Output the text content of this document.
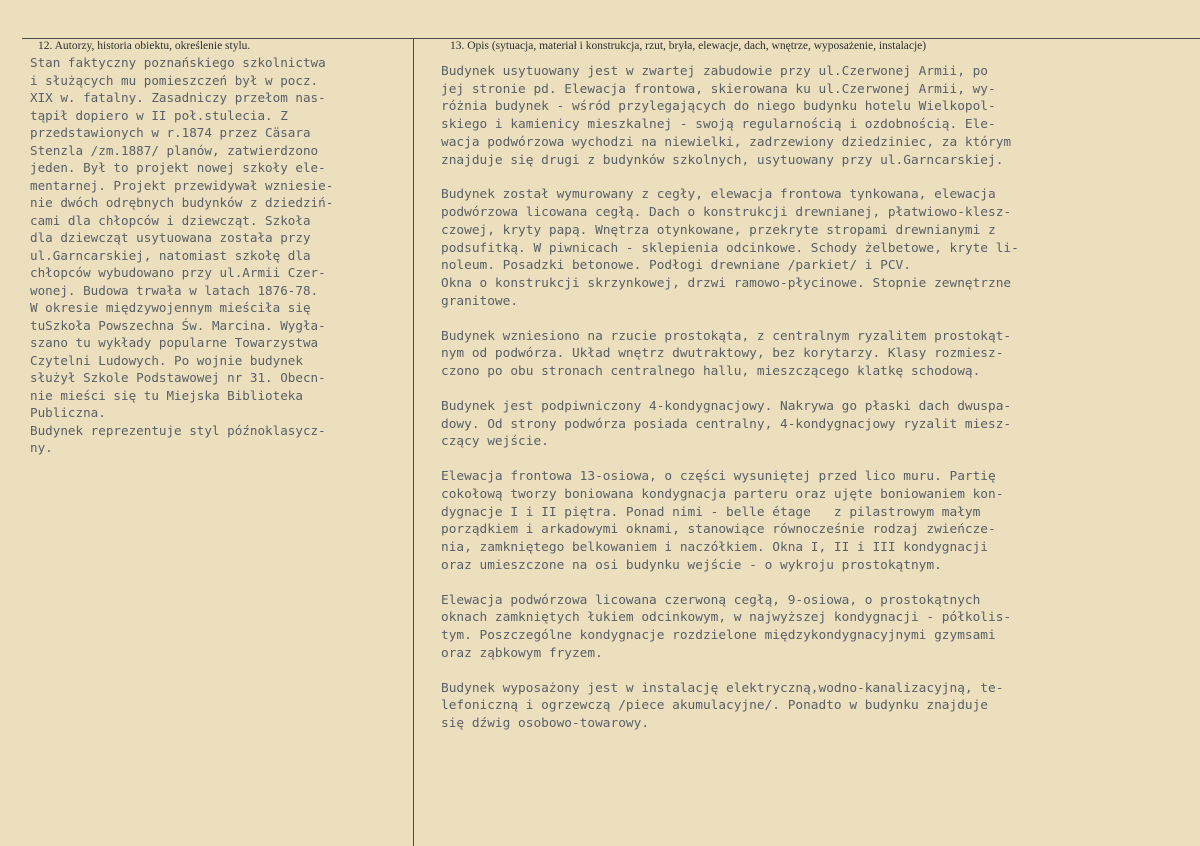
12. Autorzy, historia obiektu, określenie stylu.	13. Opis (sytuacja, materiał i konstrukcja, rzut, bryła, elewacje, dach, wnętrze, wyposażenie, instalacje)
Stan faktyczny poznańskiego szkolnictwa
i służących mu pomieszczeń był w pocz.
XIX w. fatalny. Zasadniczy przełom nas-
tąpił dopiero w II poł.stulecia. Z
przedstawionych w r.1874 przez Cäsara
Stenzla /zm.1887/ planów, zatwierdzono
jeden. Był to projekt nowej szkoły ele-
mentarnej. Projekt przewidywał wzniesie-
nie dwóch odrębnych budynków z dziedziń-
cami dla chłopców i dziewcząt. Szkoła
dla dziewcząt usytuowana została przy
ul.Garncarskiej, natomiast szkołę dla
chłopców wybudowano przy ul.Armii Czer-
wonej. Budowa trwała w latach 1876-78.
W okresie międzywojennym mieściła się
tuSzkoła Powszechna Św. Marcina. Wygła-
szano tu wykłady popularne Towarzystwa
Czytelni Ludowych. Po wojnie budynek
służył Szkole Podstawowej nr 31. Obecn-
nie mieści się tu Miejska Biblioteka
Publiczna.
Budynek reprezentuje styl późnoklasycz-
ny.
Budynek usytuowany jest w zwartej zabudowie przy ul.Czerwonej Armii, po
jej stronie pd. Elewacja frontowa, skierowana ku ul.Czerwonej Armii, wy-
różnia budynek - wśród przylegających do niego budynku hotelu Wielkopol-
skiego i kamienicy mieszkalnej - swoją regularnością i ozdobnością. Ele-
wacja podwórzowa wychodzi na niewielki, zadrzewiony dziedziniec, za którym
znajduje się drugi z budynków szkolnych, usytuowany przy ul.Garncarskiej.
Budynek został wymurowany z cegły, elewacja frontowa tynkowana, elewacja
podwórzowa licowana cegłą. Dach o konstrukcji drewnianej, płatwiowo-klesz-
czowej, kryty papą. Wnętrza otynkowane, przekryte stropami drewnianymi z
podsufitką. W piwnicach - sklepienia odcinkowe. Schody żelbetowe, kryte li-
noleum. Posadzki betonowe. Podłogi drewniane /parkiet/ i PCV.
Okna o konstrukcji skrzynkowej, drzwi ramowo-płycinowe. Stopnie zewnętrzne
granitowe.
Budynek wzniesiono na rzucie prostokąta, z centralnym ryzalitem prostokąt-
nym od podwórza. Układ wnętrz dwutraktowy, bez korytarzy. Klasy rozmiesz-
czono po obu stronach centralnego hallu, mieszczącego klatkę schodową.
Budynek jest podpiwniczony 4-kondygnacjowy. Nakrywa go płaski dach dwuspa-
dowy. Od strony podwórza posiada centralny, 4-kondygnacjowy ryzalit miesz-
czący wejście.
Elewacja frontowa 13-osiowa, o części wysuniętej przed lico muru. Partię
cokołową tworzy boniowana kondygnacja parteru oraz ujęte boniowaniem kon-
dygnacje I i II piętra. Ponad nimi - belle étage   z pilastrowym małym
porządkiem i arkadowymi oknami, stanowiące równocześnie rodzaj zwieńcze-
nia, zamkniętego belkowaniem i naczółkiem. Okna I, II i III kondygnacji
oraz umieszczone na osi budynku wejście - o wykroju prostokątnym.
Elewacja podwórzowa licowana czerwoną cegłą, 9-osiowa, o prostokątnych
oknach zamkniętych łukiem odcinkowym, w najwyższej kondygnacji - półkolis-
tym. Poszczególne kondygnacje rozdzielone międzykondygnacyjnymi gzymsami
oraz ząbkowym fryzem.
Budynek wyposażony jest w instalację elektryczną,wodno-kanalizacyjną, te-
lefoniczną i ogrzewczą /piece akumulacyjne/. Ponadto w budynku znajduje
się dźwig osobowo-towarowy.
